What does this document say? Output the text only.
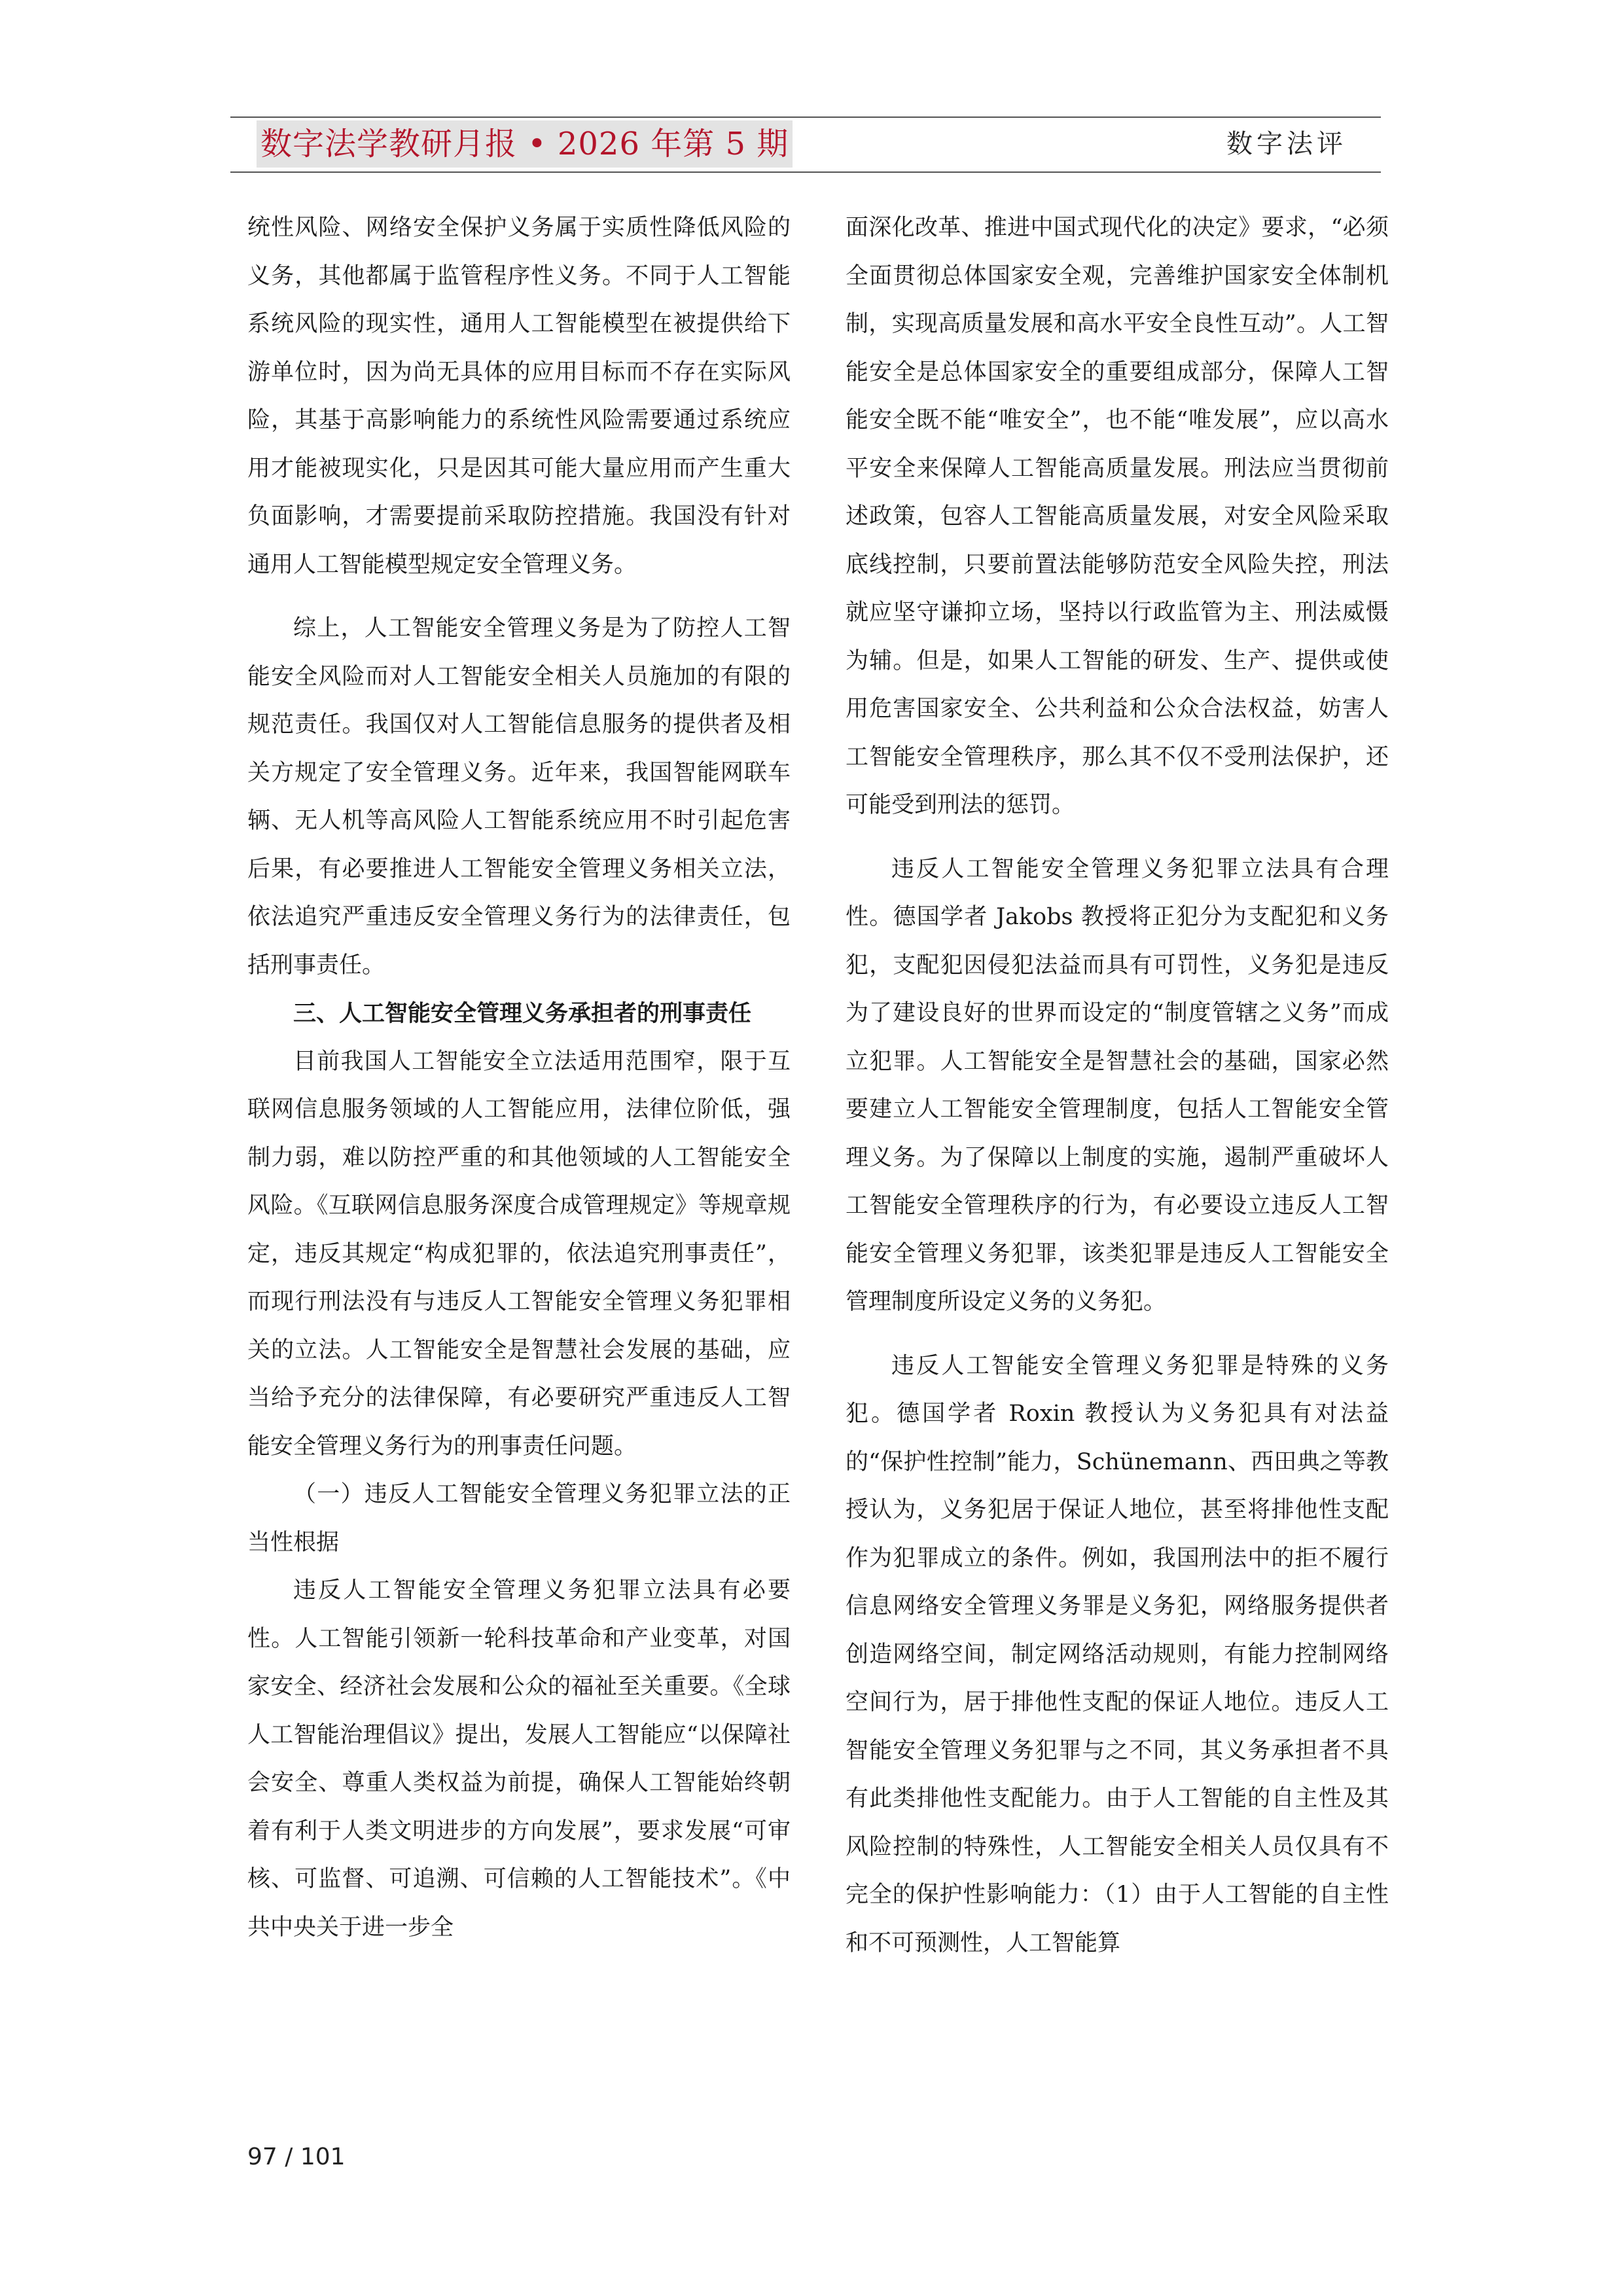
数字法学教研月报 • 2026 年第 5 期	数字法评

统性风险、网络安全保护义务属于实质性降低风险的义务，其他都属于监管程序性义务。不同于人工智能系统风险的现实性，通用人工智能模型在被提供给下游单位时，因为尚无具体的应用目标而不存在实际风险，其基于高影响能力的系统性风险需要通过系统应用才能被现实化，只是因其可能大量应用而产生重大负面影响，才需要提前采取防控措施。我国没有针对通用人工智能模型规定安全管理义务。

综上，人工智能安全管理义务是为了防控人工智能安全风险而对人工智能安全相关人员施加的有限的规范责任。我国仅对人工智能信息服务的提供者及相关方规定了安全管理义务。近年来，我国智能网联车辆、无人机等高风险人工智能系统应用不时引起危害后果，有必要推进人工智能安全管理义务相关立法，依法追究严重违反安全管理义务行为的法律责任，包括刑事责任。

三、人工智能安全管理义务承担者的刑事责任

目前我国人工智能安全立法适用范围窄，限于互联网信息服务领域的人工智能应用，法律位阶低，强制力弱，难以防控严重的和其他领域的人工智能安全风险。《互联网信息服务深度合成管理规定》等规章规定，违反其规定“构成犯罪的，依法追究刑事责任”，而现行刑法没有与违反人工智能安全管理义务犯罪相关的立法。人工智能安全是智慧社会发展的基础，应当给予充分的法律保障，有必要研究严重违反人工智能安全管理义务行为的刑事责任问题。

（一）违反人工智能安全管理义务犯罪立法的正当性根据

违反人工智能安全管理义务犯罪立法具有必要性。人工智能引领新一轮科技革命和产业变革，对国家安全、经济社会发展和公众的福祉至关重要。《全球人工智能治理倡议》提出，发展人工智能应“以保障社会安全、尊重人类权益为前提，确保人工智能始终朝着有利于人类文明进步的方向发展”，要求发展“可审核、可监督、可追溯、可信赖的人工智能技术”。《中共中央关于进一步全

面深化改革、推进中国式现代化的决定》要求，“必须全面贯彻总体国家安全观，完善维护国家安全体制机制，实现高质量发展和高水平安全良性互动”。人工智能安全是总体国家安全的重要组成部分，保障人工智能安全既不能“唯安全”，也不能“唯发展”，应以高水平安全来保障人工智能高质量发展。刑法应当贯彻前述政策，包容人工智能高质量发展，对安全风险采取底线控制，只要前置法能够防范安全风险失控，刑法就应坚守谦抑立场，坚持以行政监管为主、刑法威慑为辅。但是，如果人工智能的研发、生产、提供或使用危害国家安全、公共利益和公众合法权益，妨害人工智能安全管理秩序，那么其不仅不受刑法保护，还可能受到刑法的惩罚。

违反人工智能安全管理义务犯罪立法具有合理性。德国学者 Jakobs 教授将正犯分为支配犯和义务犯，支配犯因侵犯法益而具有可罚性，义务犯是违反为了建设良好的世界而设定的“制度管辖之义务”而成立犯罪。人工智能安全是智慧社会的基础，国家必然要建立人工智能安全管理制度，包括人工智能安全管理义务。为了保障以上制度的实施，遏制严重破坏人工智能安全管理秩序的行为，有必要设立违反人工智能安全管理义务犯罪，该类犯罪是违反人工智能安全管理制度所设定义务的义务犯。

违反人工智能安全管理义务犯罪是特殊的义务犯。德国学者 Roxin 教授认为义务犯具有对法益的“保护性控制”能力，Schünemann、西田典之等教授认为，义务犯居于保证人地位，甚至将排他性支配作为犯罪成立的条件。例如，我国刑法中的拒不履行信息网络安全管理义务罪是义务犯，网络服务提供者创造网络空间，制定网络活动规则，有能力控制网络空间行为，居于排他性支配的保证人地位。违反人工智能安全管理义务犯罪与之不同，其义务承担者不具有此类排他性支配能力。由于人工智能的自主性及其风险控制的特殊性，人工智能安全相关人员仅具有不完全的保护性影响能力：（1）由于人工智能的自主性和不可预测性，人工智能算

97 / 101
